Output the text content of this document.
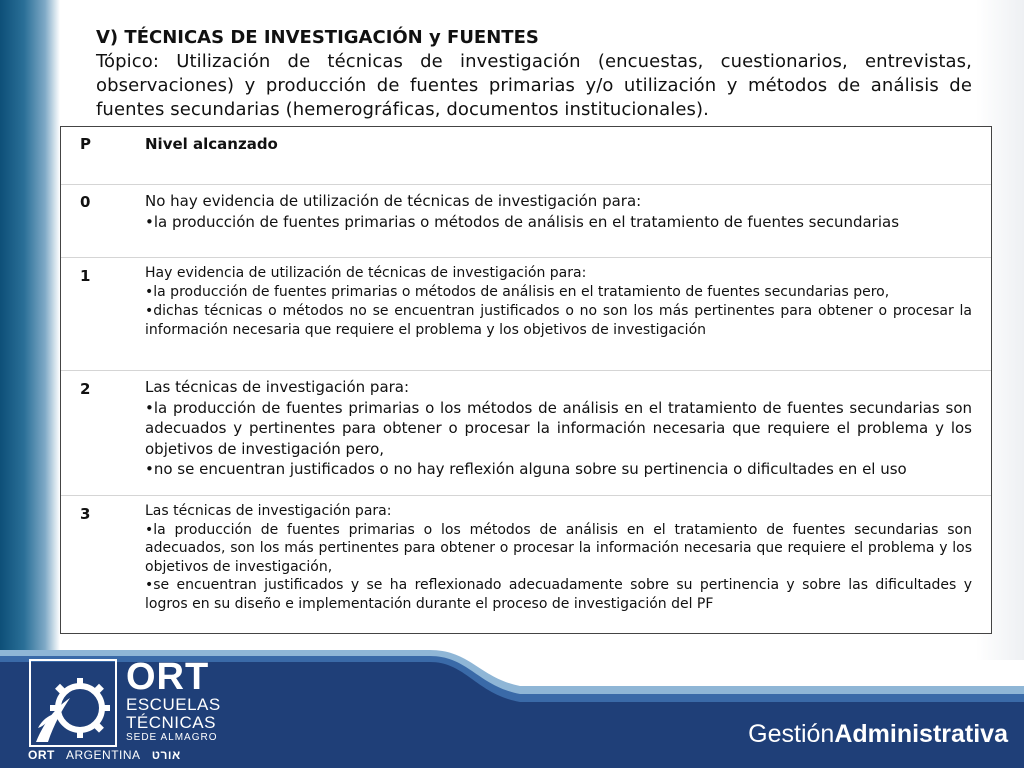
V) TÉCNICAS DE INVESTIGACIÓN y FUENTES
Tópico: Utilización de técnicas de investigación (encuestas, cuestionarios, entrevistas, observaciones) y producción de fuentes primarias y/o utilización y métodos de análisis de fuentes secundarias (hemerográficas, documentos institucionales).
P	Nivel alcanzado
0	No hay evidencia de utilización de técnicas de investigación para:
•la producción de fuentes primarias o métodos de análisis en el tratamiento de fuentes secundarias
1	Hay evidencia de utilización de técnicas de investigación para:
•la producción de fuentes primarias o métodos de análisis en el tratamiento de fuentes secundarias pero,
•dichas técnicas o métodos no se encuentran justificados o no son los más pertinentes para obtener o procesar la información necesaria que requiere el problema y los objetivos de investigación
2	Las técnicas de investigación para:
•la producción de fuentes primarias o los métodos de análisis en el tratamiento de fuentes secundarias son adecuados y pertinentes para obtener o procesar la información necesaria que requiere el problema y los objetivos de investigación pero,
•no se encuentran justificados o no hay reflexión alguna sobre su pertinencia o dificultades en el uso
3	Las técnicas de investigación para:
•la producción de fuentes primarias o los métodos de análisis en el tratamiento de fuentes secundarias son adecuados, son los más pertinentes para obtener o procesar la información necesaria que requiere el problema y los objetivos de investigación,
•se encuentran justificados y se ha reflexionado adecuadamente sobre su pertinencia y sobre las dificultades y logros en su diseño e implementación durante el proceso de investigación del PF
ORT
ESCUELAS
TÉCNICAS
SEDE ALMAGRO
ORT ARGENTINA אורט
GestiónAdministrativa
